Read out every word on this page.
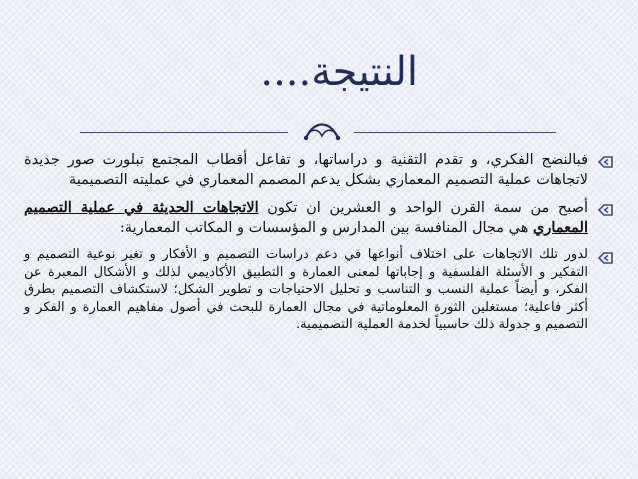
النتيجة....

فبالنضج الفكري، و تقدم التقنية و دراساتها، و تفاعل أقطاب المجتمع تبلورت صور جديدة لاتجاهات عملية التصميم المعماري بشكل يدعم المصمم المعماري في عمليته التصميمية

أصبح من سمة القرن الواحد و العشرين ان تكون الاتجاهات الحديثة في عملية التصميم المعماري هي مجال المنافسة بين المدارس و المؤسسات و المكاتب المعمارية:

لدور تلك الاتجاهات على اختلاف أنواعها في دعم دراسات التصميم و الأفكار و تغير نوعية التصميم و التفكير و الأسئلة الفلسفية و إجاباتها لمعنى العمارة و التطبيق الأكاديمي لذلك و الأشكال المعبرة عن الفكر، و أيضاً عملية النسب و التناسب و تحليل الاحتياجات و تطوير الشكل؛ لاستكشاف التصميم بطرق أكثر فاعلية؛ مستغلين الثورة المعلوماتية في مجال العمارة للبحث في أصول مفاهيم العمارة و الفكر و التصميم و جدولة ذلك حاسبياً لخدمة العملية التصميمية.
